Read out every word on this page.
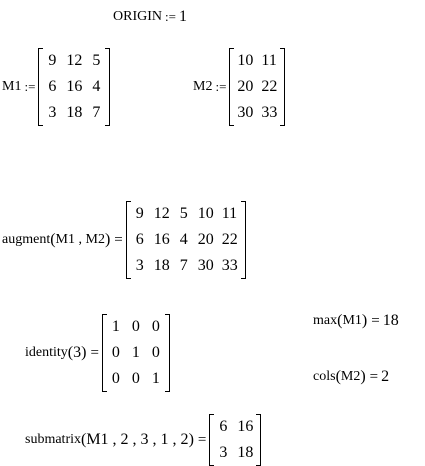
ORIGIN := 1
M1 :=
9 12 5
6 16 4
3 18 7
M2 :=
10 11
20 22
30 33
augment ( M1 , M2 ) =
9 12 5 10 11
6 16 4 20 22
3 18 7 30 33
identity ( 3 ) =
1 0 0
0 1 0
0 0 1
max ( M1 ) = 18
cols ( M2 ) = 2
submatrix ( M1 , 2 , 3 , 1 , 2 ) =
6 16
3 18
